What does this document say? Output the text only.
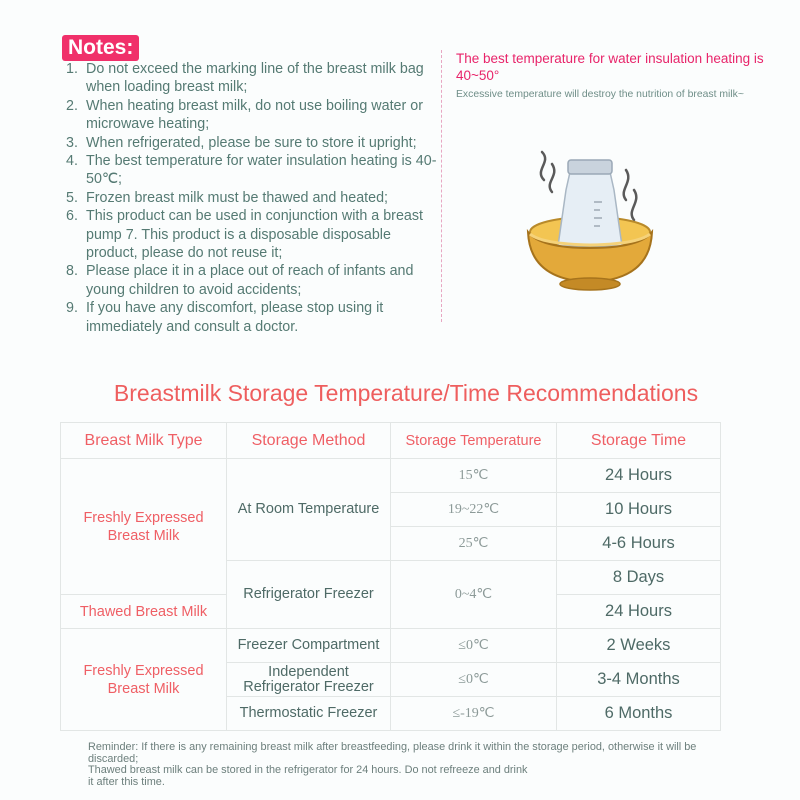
Notes:
1. Do not exceed the marking line of the breast milk bag when loading breast milk;
2. When heating breast milk, do not use boiling water or microwave heating;
3. When refrigerated, please be sure to store it upright;
4. The best temperature for water insulation heating is 40-50℃;
5. Frozen breast milk must be thawed and heated;
6. This product can be used in conjunction with a breast pump 7. This product is a disposable disposable product, please do not reuse it;
8. Please place it in a place out of reach of infants and young children to avoid accidents;
9. If you have any discomfort, please stop using it immediately and consult a doctor.
The best temperature for water insulation heating is 40~50°
Excessive temperature will destroy the nutrition of breast milk~
Breastmilk Storage Temperature/Time Recommendations
Breast Milk Type	Storage Method	Storage Temperature	Storage Time

Freshly Expressed Breast Milk	At Room Temperature	15℃	24 Hours
		19~22℃	10 Hours
		25℃	4-6 Hours
	Refrigerator Freezer	0~4℃	8 Days
Thawed Breast Milk			24 Hours

Freshly Expressed Breast Milk	Freezer Compartment	≤0℃	2 Weeks

	Independent Refrigerator Freezer	≤0℃	3-4 Months
	Thermostatic Freezer	≤-19℃	6 Months

Reminder: If there is any remaining breast milk after breastfeeding, please drink it within the storage period, otherwise it will be discarded;

Thawed breast milk can be stored in the refrigerator for 24 hours. Do not refreeze and drink it after this time.
